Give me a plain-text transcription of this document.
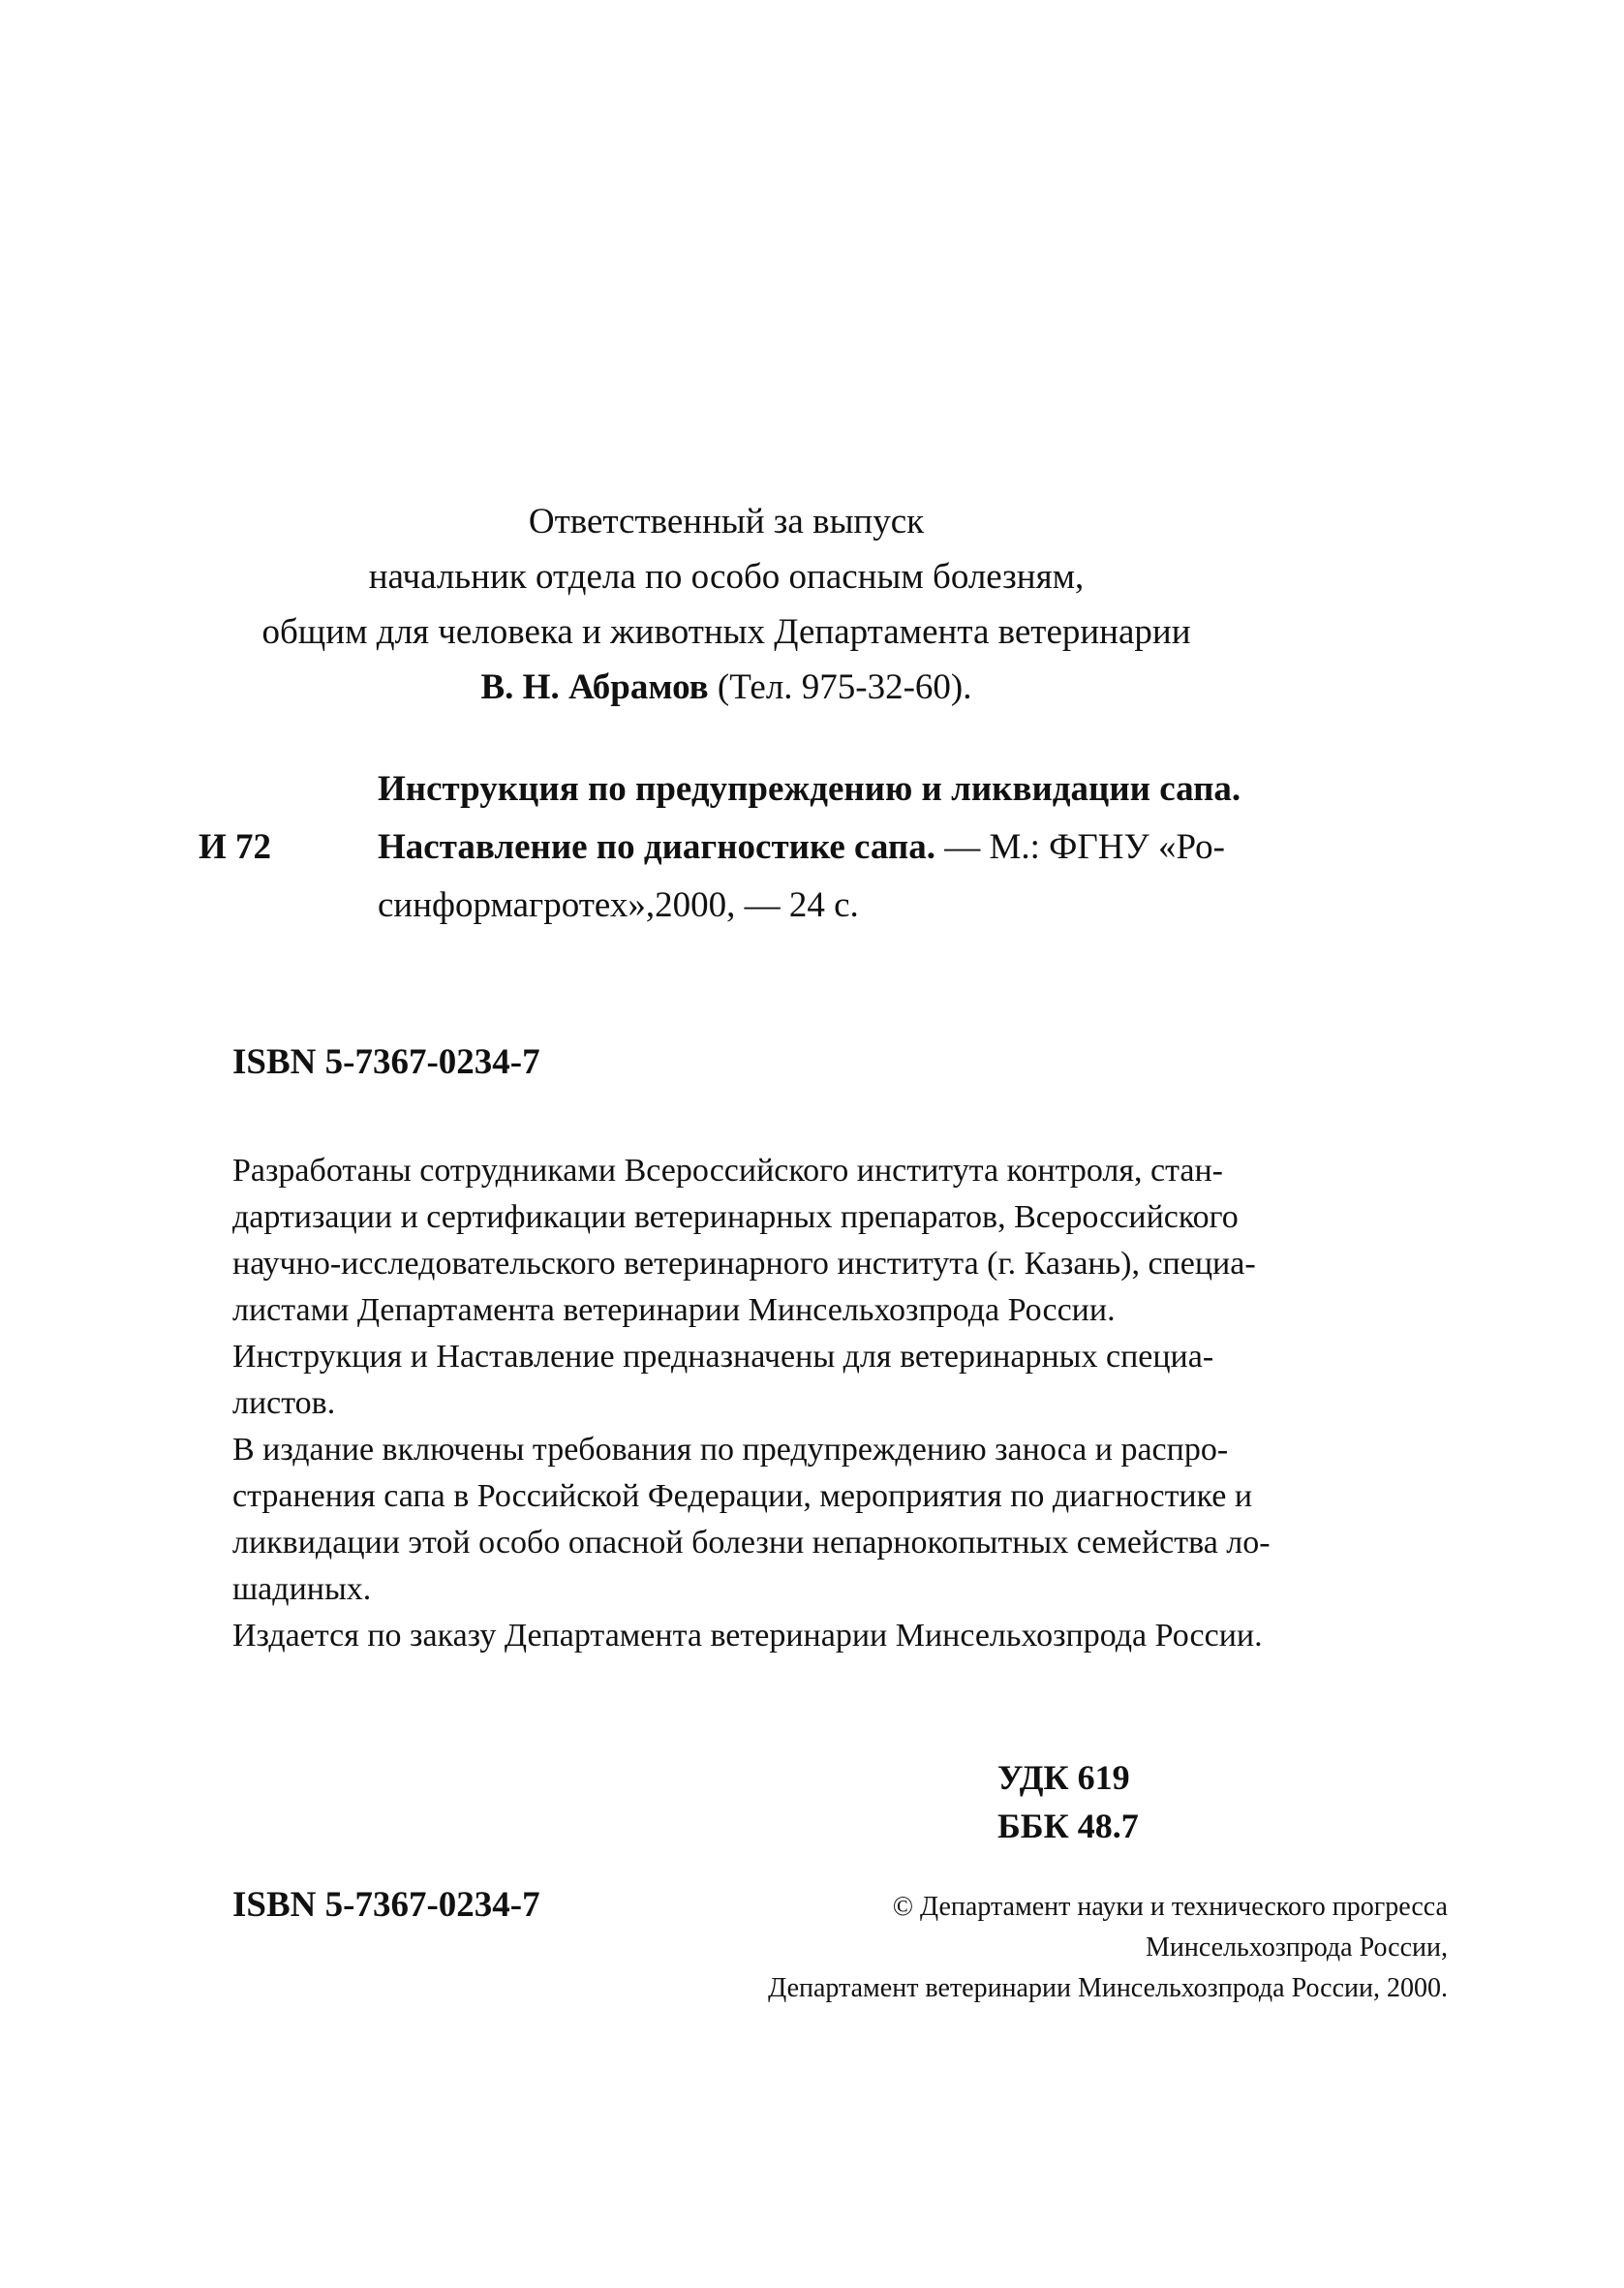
Ответственный за выпуск
начальник отдела по особо опасным болезням,
общим для человека и животных Департамента ветеринарии
В. Н. Абрамов (Тел. 975-32-60).
И 72
Инструкция по предупреждению и ликвидации сапа.
Наставление по диагностике сапа. — М.: ФГНУ «Ро-
синформагротех»,2000, — 24 с.
ISBN 5-7367-0234-7
Разработаны сотрудниками Всероссийского института контроля, стан-
дартизации и сертификации ветеринарных препаратов, Всероссийского
научно-исследовательского ветеринарного института (г. Казань), специа-
листами Департамента ветеринарии Минсельхозпрода России.
Инструкция и Наставление предназначены для ветеринарных специа-
листов.
В издание включены требования по предупреждению заноса и распро-
странения сапа в Российской Федерации, мероприятия по диагностике и
ликвидации этой особо опасной болезни непарнокопытных семейства ло-
шадиных.
Издается по заказу Департамента ветеринарии Минсельхозпрода России.
УДК 619
ББК 48.7
ISBN 5-7367-0234-7	© Департамент науки и технического прогресса
Минсельхозпрода России,
Департамент ветеринарии Минсельхозпрода России, 2000.
